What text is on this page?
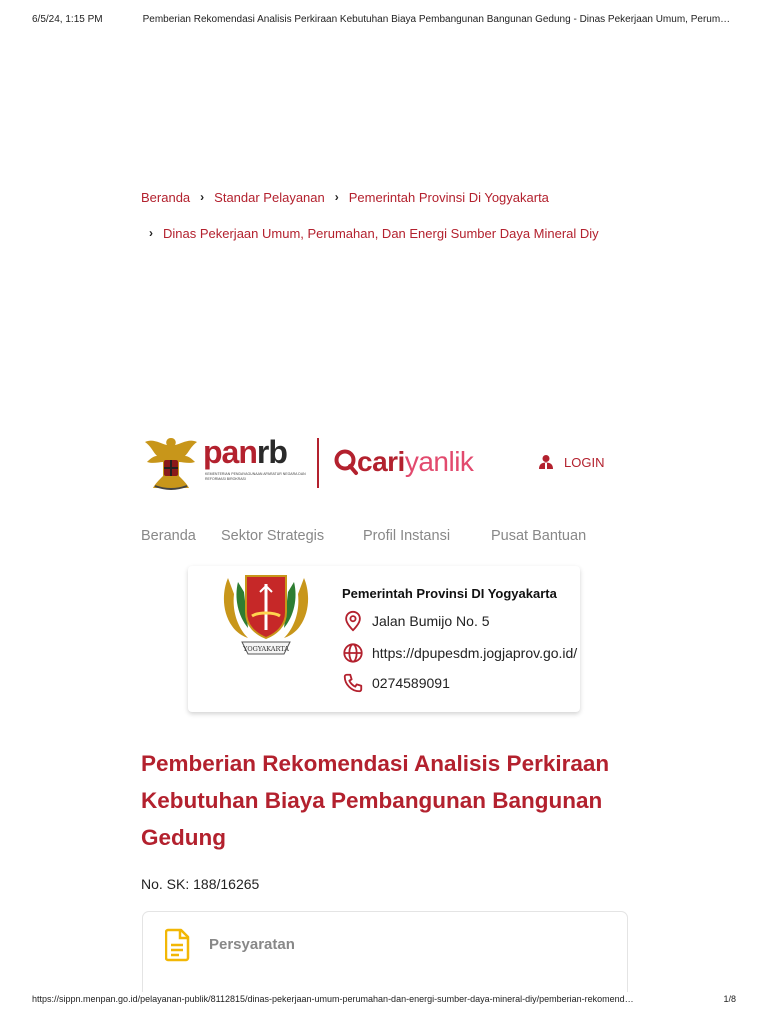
6/5/24, 1:15 PM	Pemberian Rekomendasi Analisis Perkiraan Kebutuhan Biaya Pembangunan Bangunan Gedung - Dinas Pekerjaan Umum, Perum…
Beranda › Standar Pelayanan › Pemerintah Provinsi Di Yogyakarta
› Dinas Pekerjaan Umum, Perumahan, Dan Energi Sumber Daya Mineral Diy
panrb
KEMENTERIAN PENDAYAGUNAAN APARATUR NEGARA DAN REFORMASI BIROKRASI
cariyanlik	LOGIN
Beranda	Sektor Strategis	Profil Instansi	Pusat Bantuan
YOGYAKARTA
Pemerintah Provinsi DI Yogyakarta
Jalan Bumijo No. 5
https://dpupesdm.jogjaprov.go.id/
0274589091
Pemberian Rekomendasi Analisis Perkiraan Kebutuhan Biaya Pembangunan Bangunan Gedung
No. SK: 188/16265
Persyaratan
https://sippn.menpan.go.id/pelayanan-publik/8112815/dinas-pekerjaan-umum-perumahan-dan-energi-sumber-daya-mineral-diy/pemberian-rekomend…	1/8
